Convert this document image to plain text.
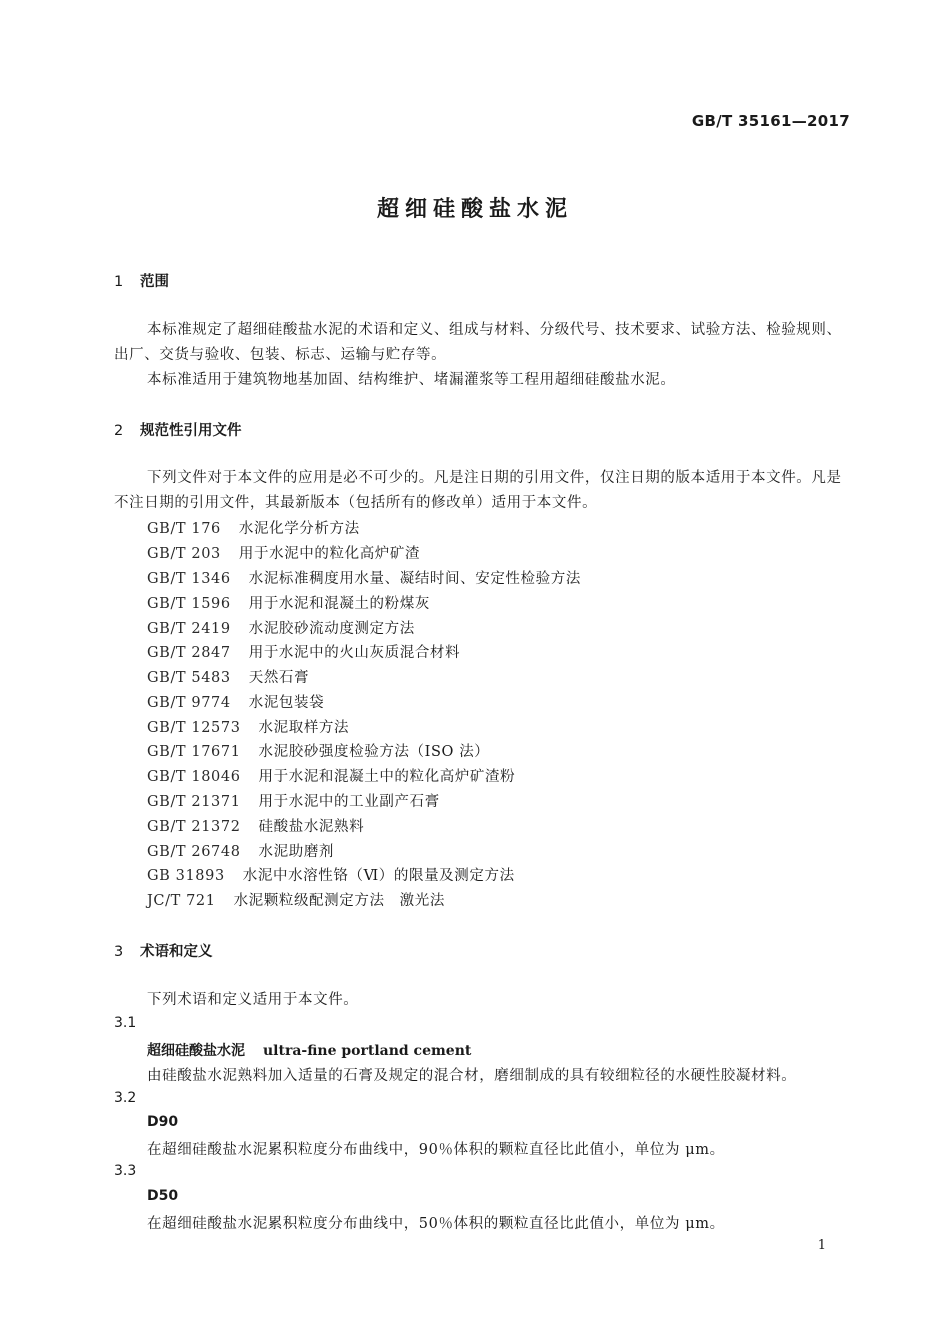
GB/T 35161—2017
超细硅酸盐水泥
1 范围
本标准规定了超细硅酸盐水泥的术语和定义、组成与材料、分级代号、技术要求、试验方法、检验规则、出厂、交货与验收、包装、标志、运输与贮存等。
本标准适用于建筑物地基加固、结构维护、堵漏灌浆等工程用超细硅酸盐水泥。
2 规范性引用文件
下列文件对于本文件的应用是必不可少的。凡是注日期的引用文件，仅注日期的版本适用于本文件。凡是不注日期的引用文件，其最新版本（包括所有的修改单）适用于本文件。
GB/T 176 水泥化学分析方法
GB/T 203 用于水泥中的粒化高炉矿渣
GB/T 1346 水泥标准稠度用水量、凝结时间、安定性检验方法
GB/T 1596 用于水泥和混凝土的粉煤灰
GB/T 2419 水泥胶砂流动度测定方法
GB/T 2847 用于水泥中的火山灰质混合材料
GB/T 5483 天然石膏
GB/T 9774 水泥包装袋
GB/T 12573 水泥取样方法
GB/T 17671 水泥胶砂强度检验方法（ISO 法）
GB/T 18046 用于水泥和混凝土中的粒化高炉矿渣粉
GB/T 21371 用于水泥中的工业副产石膏
GB/T 21372 硅酸盐水泥熟料
GB/T 26748 水泥助磨剂
GB 31893 水泥中水溶性铬（Ⅵ）的限量及测定方法
JC/T 721 水泥颗粒级配测定方法　激光法
3 术语和定义
下列术语和定义适用于本文件。
3.1
超细硅酸盐水泥 ultra-fine portland cement
由硅酸盐水泥熟料加入适量的石膏及规定的混合材，磨细制成的具有较细粒径的水硬性胶凝材料。
3.2
D90
在超细硅酸盐水泥累积粒度分布曲线中，90％体积的颗粒直径比此值小，单位为 μm。
3.3
D50
在超细硅酸盐水泥累积粒度分布曲线中，50％体积的颗粒直径比此值小，单位为 μm。
1
